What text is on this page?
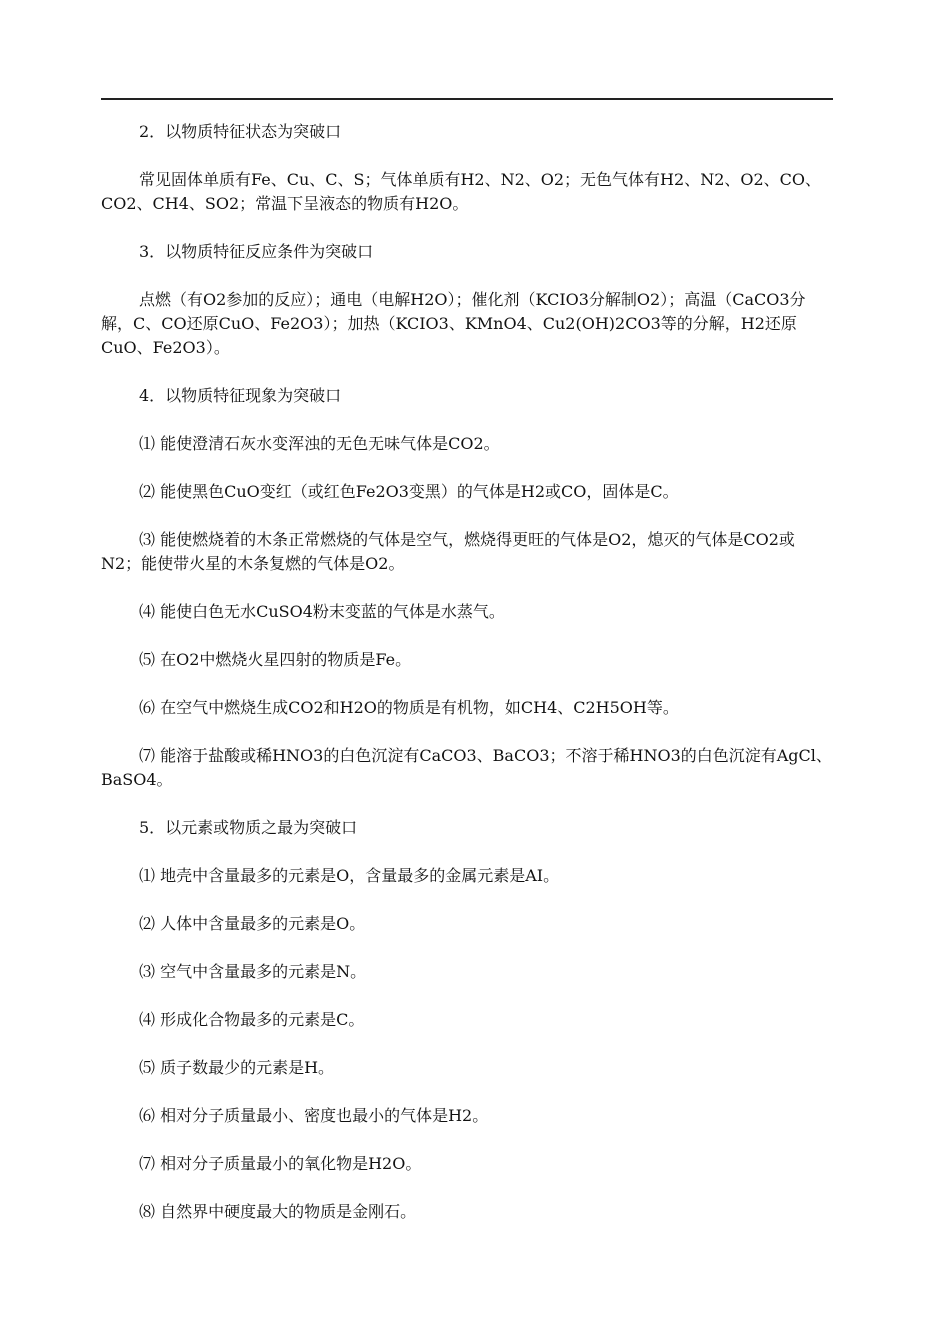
2．以物质特征状态为突破口

常见固体单质有Fe、Cu、C、S；气体单质有H2、N2、O2；无色气体有H2、N2、O2、CO、CO2、CH4、SO2；常温下呈液态的物质有H2O。

3．以物质特征反应条件为突破口

点燃（有O2参加的反应）；通电（电解H2O）；催化剂（KCIO3分解制O2）；高温（CaCO3分解，C、CO还原CuO、Fe2O3）；加热（KCIO3、KMnO4、Cu2(OH)2CO3等的分解，H2还原CuO、Fe2O3）。

4．以物质特征现象为突破口

⑴ 能使澄清石灰水变浑浊的无色无味气体是CO2。

⑵ 能使黑色CuO变红（或红色Fe2O3变黑）的气体是H2或CO，固体是C。

⑶ 能使燃烧着的木条正常燃烧的气体是空气，燃烧得更旺的气体是O2，熄灭的气体是CO2或N2；能使带火星的木条复燃的气体是O2。

⑷ 能使白色无水CuSO4粉末变蓝的气体是水蒸气。

⑸ 在O2中燃烧火星四射的物质是Fe。

⑹ 在空气中燃烧生成CO2和H2O的物质是有机物，如CH4、C2H5OH等。

⑺ 能溶于盐酸或稀HNO3的白色沉淀有CaCO3、BaCO3；不溶于稀HNO3的白色沉淀有AgCl、BaSO4。

5．以元素或物质之最为突破口

⑴ 地壳中含量最多的元素是O，含量最多的金属元素是AI。

⑵ 人体中含量最多的元素是O。

⑶ 空气中含量最多的元素是N。

⑷ 形成化合物最多的元素是C。

⑸ 质子数最少的元素是H。

⑹ 相对分子质量最小、密度也最小的气体是H2。

⑺ 相对分子质量最小的氧化物是H2O。

⑻ 自然界中硬度最大的物质是金刚石。
